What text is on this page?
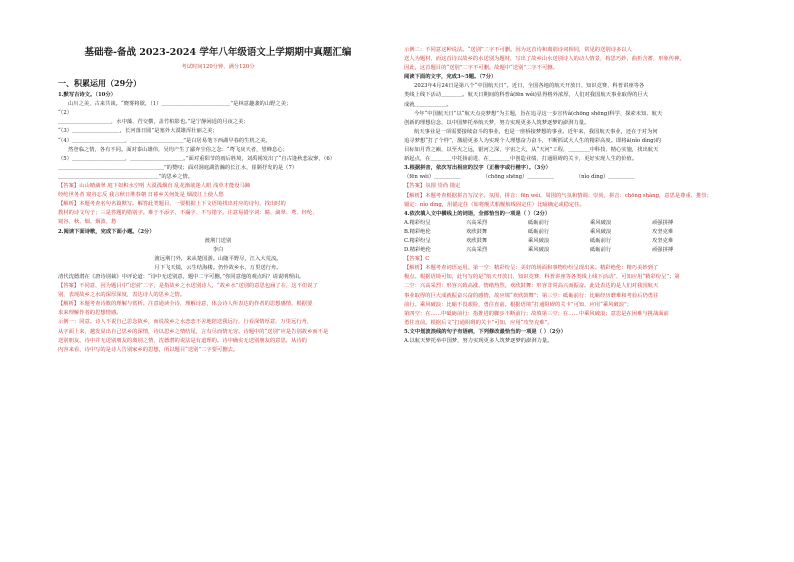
基础卷-备战 2023-2024 学年八年级语文上学期期中真题汇编
考试时间120分钟，满分120分
一、积累运用（29分）

1.默写古诗文。（10分）

山川之美，古来共谈。“晓雾将歇，（1）＿＿＿＿＿＿＿＿＿＿＿＿＿”是林意趣袭的山野之美；

“（2）

＿＿＿＿＿＿＿＿＿＿，水中藻、荇交横，盖竹柏影也。”是宁静闲适的月夜之美；

“（3）＿＿＿＿＿＿＿＿＿，长河落日圆”是塞外大漠雄浑壮丽之美；

“（4）＿＿＿＿＿＿＿＿＿＿，＿＿＿＿＿＿＿＿＿＿”是白居易笔下西湖早春的生机之美。

然登临之情，各有不同。面对泰山雄伟，吴均产生了鄙弃尘俗之念：“鸢飞戾天者，望峰息心；

（5）＿＿＿＿＿＿＿＿＿＿，＿＿＿＿＿＿＿＿＿＿。”面对重阳节的雨后胜境，刘禹锡发出了“自古逢秋悲寂寥，（6）

＿＿＿＿＿＿＿＿＿＿＿＿＿＿＿＿＿＿＿＿”的赞叹；面对洞庭湖浩瀚的长江水，崔颢抒发的是（7）

＿＿＿＿＿＿＿＿＿＿＿＿＿＿＿＿＿＿＿”的思乡之情。

【答案】山山晴滴翠 庭下如积水空明 大漠孤烟直 乱花渐欲迷人眼 浅草才能没马蹄

经纶世务者 窥谷忘反 我言秋日胜春朝 日暮乡关何处是 烟波江上使人愁

【解析】本题考查名句名篇默写。解答此类题目，一要根据上下文语境找出对应的诗句，找出时的

教材的诗文句子；三是答题的错别字。难于不添字、不漏字、不写错字。注意易错字词：睛、滴翠、鸢、经纶、

窥谷、秋、烟、烟波、愁

2.阅读下面诗歌，完成下面小题。（2分）

渡荆门送别

李白

渡远荆门外，来从楚国游。山随平野尽，江入大荒流。

月下飞天镜，云生结海楼。仍怜故乡水，万里送行舟。

清代沈德潜在《唐诗别裁》中评论道：“诗中无送别意，题中二字可删。”你同意他的观点吗？请说明理由。

【答案】不同意，因为题目中“送别”二字，是指故乡之水送别诗人，“故乡水”送别的意思包涵了在，这不但说了

别，表现故乡之水的深厚深度，表达诗人的思乡之情。

【解析】本题考查诗歌的理解与赏析。注意通读全诗，理解诗意，体会诗人所表达的作者的思想感情，根据要

求来理解作者的思想情感。

示例一：同意。诗人不说自己思念故乡，而说故乡之水恋恋不舍地陪送我远行，行看深情厚意，万里远行舟，

从字面上来，越发显出自己思乡的深情，诗以思乡之情结尾，言有尽而情无穷。诗题中的“送别”应是告别故乡而不是

送别朋友，诗中并无送别朋友的离别之情，沈德潜的说法是有道理的。诗中确实无送别朋友的意思，从诗的

内容来看，诗中写的是诗人告别家乡的思想，所以题目“送别”二字要可删去。

示例二：不同意这种说法。“送别”二字不可删。因为这首诗和离别诗词相同，常见的送别诗多以人

送人为题材，而这首诗以故乡的水送别为题材，写出了故乡山水送别诗人的动人情景，构思巧妙，曲折含蓄，形象传神。

因此，这首题目的“送别”二字不可删。故题中“送别”二字不可删。

阅读下面的文字，完成3~5题。（7分）

2023年4月24日是第八个“中国航天日”。近日，全国各地的航天开放日、知识竞赛、科普讲座等各

类线上线下活动＿＿＿＿。航天日期间的科普â(fēn wéi)显得格外浓厚，人们对我国航天事业取得的巨大

成就＿＿＿＿＿＿。

今年“中国航天日”以“航天点亮梦想”为主题，旨在追寻这一步宣传â(chōng shēng)科学、探索未知、航天

创新的理想信念，以中国梦托举航天梦，努力实现更多人筑梦逐梦的澎湃力量。

航天事业是一项需要接续奋斗的事业，也是一座桥接梦想的事业。近年来，我国航天事业，还在于对为何

追寻梦想“打了个样”，激励更多人为实现个人理想奋力奋斗，不断抓试大人生的精彩高度。即将â(nǐo dìng)的

目标如月背之巅，以至火之远，银河之深，宇宙之大，从“天河”工程，＿＿＿＿中科技、精心实施，找出航天

新起点，在＿＿＿＿中托扬前进，在＿＿＿＿中创造业绩，打通阻碍的关卡，更好实现人生的价值。

3.根据拼音，依次写出相应的汉字（正楷字或行楷字）。（3分）

（fēn wéi）＿＿＿＿＿	（chōng shēng）＿＿＿＿＿	（nǐo dìng）＿＿＿＿＿

【答案】氛围 崇尚 锚定

【解析】本题考查根据拼音写汉字。氛围，拼音：fēn wéi，周围的气氛和情调；崇尚，拼音：chōng shàng，意思是尊重、推崇；

锚定：nǐo dìng，用锚定住（如将舰式船舰航线固定住）比喻确定或稳定住。

4.依次填入文中横线上的词语，全部恰当的一项是（ ）（2分）

A.精彩纷呈	兴高采烈	砥砺前行	乘风破浪	顽强拼搏
B.精彩绝伦	欢欣鼓舞	砥砺前行	乘风破浪	攻坚克难
C.精彩纷呈	欢欣鼓舞	乘风破浪	砥砺前行	攻坚克难
D.精彩绝伦	兴高采烈	乘风破浪	砥砺前行	顽强拼搏

【答案】C

【解析】本题考查词语运用。第一空：精彩纷呈：美好的场面和事物纷纷呈现出来。精彩绝伦：精巧美妙到了

极点。根据语境可知，此句写的是“航天开放日、知识竞赛、科普讲座等各类线上线下活动”，可知应用“精彩纷呈”；第

二空：兴高采烈：形容兴致高涨、情绪热烈。欢欣鼓舞：形容非常高兴而振奋。此处表达的是人们对我国航天

事业取得的巨大成就振奋兴奋的感情，故应填“欢欣鼓舞”；第三空：砥砺前行：比喻经历磨难和考验后仍勇往

前行。乘风破浪：比喻不畏艰险，勇往直前。根据语境“打通阻碍的关卡”可知，应用“乘风破浪”；

第四空：在……中砥砺前行：指推进的脚步不断前行；故填第三空；在……中乘风破浪；意思是在困难与挑战面前

勇往直前。根据后文“打通阻碍的关卡”可知，应用“攻坚克难”。

5.文中划波浪线的句子有语病，下列修改最恰当的一项是（ ）（2分）

A.以航天梦托举中国梦，努力实现更多人筑梦逐梦的澎湃力量。
